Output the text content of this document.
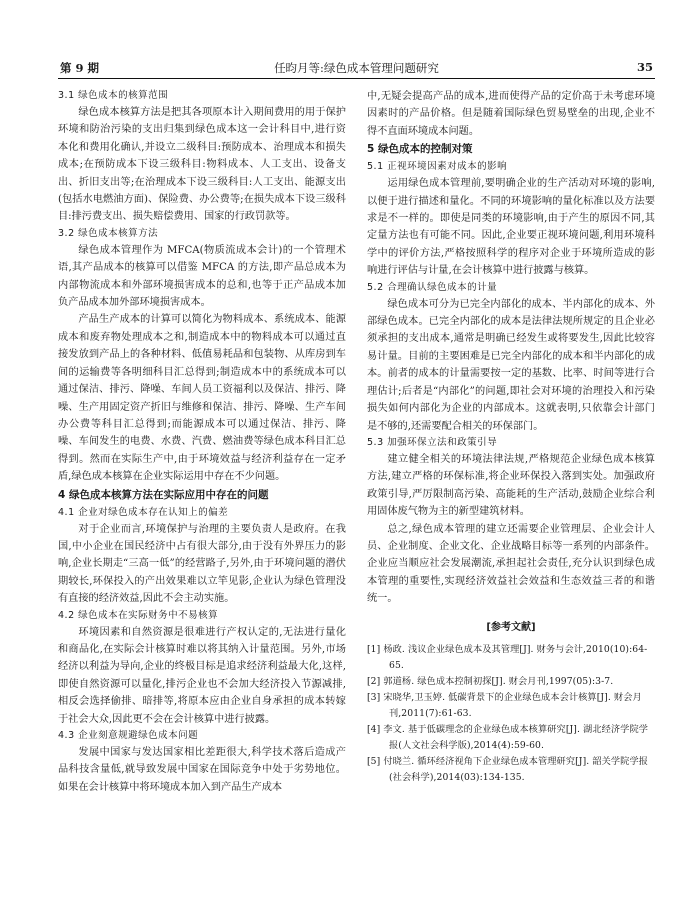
第 9 期	任昀月等:绿色成本管理问题研究	35

3.1 绿色成本的核算范围

绿色成本核算方法是把其各项原本计入期间费用的用于保护环境和防治污染的支出归集到绿色成本这一会计科目中,进行资本化和费用化确认,并设立二级科目:预防成本、治理成本和损失成本;在预防成本下设三级科目:物料成本、人工支出、设备支出、折旧支出等;在治理成本下设三级科目:人工支出、能源支出(包括水电燃油方面)、保险费、办公费等;在损失成本下设三级科目:排污费支出、损失赔偿费用、国家的行政罚款等。

3.2 绿色成本核算方法

绿色成本管理作为 MFCA(物质流成本会计)的一个管理术语,其产品成本的核算可以借鉴 MFCA 的方法,即产品总成本为内部物流成本和外部环境损害成本的总和,也等于正产品成本加负产品成本加外部环境损害成本。

产品生产成本的计算可以简化为物料成本、系统成本、能源成本和废弃物处理成本之和,制造成本中的物料成本可以通过直接发放到产品上的各种材料、低值易耗品和包装物、从库房到车间的运输费等各明细科目汇总得到;制造成本中的系统成本可以通过保洁、排污、降噪、车间人员工资福利以及保洁、排污、降噪、生产用固定资产折旧与维修和保洁、排污、降噪、生产车间办公费等科目汇总得到;而能源成本可以通过保洁、排污、降噪、车间发生的电费、水费、汽费、燃油费等绿色成本科目汇总得到。然而在实际生产中,由于环境效益与经济利益存在一定矛盾,绿色成本核算在企业实际运用中存在不少问题。

4 绿色成本核算方法在实际应用中存在的问题

4.1 企业对绿色成本存在认知上的偏差

对于企业而言,环境保护与治理的主要负责人是政府。在我国,中小企业在国民经济中占有很大部分,由于没有外界压力的影响,企业长期走“三高一低”的经营路子,另外,由于环境问题的潜伏期较长,环保投入的产出效果难以立竿见影,企业认为绿色管理没有直接的经济效益,因此不会主动实施。

4.2 绿色成本在实际财务中不易核算

环境因素和自然资源是很难进行产权认定的,无法进行量化和商品化,在实际会计核算时难以将其纳入计量范围。另外,市场经济以利益为导向,企业的终极目标是追求经济利益最大化,这样,即使自然资源可以量化,排污企业也不会加大经济投入节源减排,相反会选择偷排、暗排等,将原本应由企业自身承担的成本转嫁于社会大众,因此更不会在会计核算中进行披露。

4.3 企业刻意规避绿色成本问题

发展中国家与发达国家相比差距很大,科学技术落后造成产品科技含量低,就导致发展中国家在国际竞争中处于劣势地位。如果在会计核算中将环境成本加入到产品生产成本

中,无疑会提高产品的成本,进而使得产品的定价高于未考虑环境因素时的产品价格。但是随着国际绿色贸易壁垒的出现,企业不得不直面环境成本问题。

5 绿色成本的控制对策

5.1 正视环境因素对成本的影响

运用绿色成本管理前,要明确企业的生产活动对环境的影响,以便于进行描述和量化。不同的环境影响的量化标准以及方法要求是不一样的。即使是同类的环境影响,由于产生的原因不同,其定量方法也有可能不同。因此,企业要正视环境问题,利用环境科学中的评价方法,严格按照科学的程序对企业于环境所造成的影响进行评估与计量,在会计核算中进行披露与核算。

5.2 合理确认绿色成本的计量

绿色成本可分为已完全内部化的成本、半内部化的成本、外部绿色成本。已完全内部化的成本是法律法规所规定的且企业必须承担的支出成本,通常是明确已经发生或将要发生,因此比较容易计量。目前的主要困难是已完全内部化的成本和半内部化的成本。前者的成本的计量需要按一定的基数、比率、时间等进行合理估计;后者是“内部化”的问题,即社会对环境的治理投入和污染损失如何内部化为企业的内部成本。这就表明,只依靠会计部门是不够的,还需要配合相关的环保部门。

5.3 加强环保立法和政策引导

建立健全相关的环境法律法规,严格规范企业绿色成本核算方法,建立严格的环保标准,将企业环保投入落到实处。加强政府政策引导,严厉限制高污染、高能耗的生产活动,鼓励企业综合利用固体废气物为主的新型建筑材料。

总之,绿色成本管理的建立还需要企业管理层、企业会计人员、企业制度、企业文化、企业战略目标等一系列的内部条件。企业应当顺应社会发展潮流,承担起社会责任,充分认识到绿色成本管理的重要性,实现经济效益社会效益和生态效益三者的和谐统一。

[参考文献]

[1] 杨政. 浅议企业绿色成本及其管理[J]. 财务与会计,2010(10):64-65.

[2] 郭道杨. 绿色成本控制初探[J]. 财会月刊,1997(05):3-7.

[3] 宋晓华,卫玉婷. 低碳背景下的企业绿色成本会计核算[J]. 财会月刊,2011(7):61-63.

[4] 李文. 基于低碳理念的企业绿色成本核算研究[J]. 湖北经济学院学报(人文社会科学版),2014(4):59-60.

[5] 付晓兰. 循环经济视角下企业绿色成本管理研究[J]. 韶关学院学报(社会科学),2014(03):134-135.
